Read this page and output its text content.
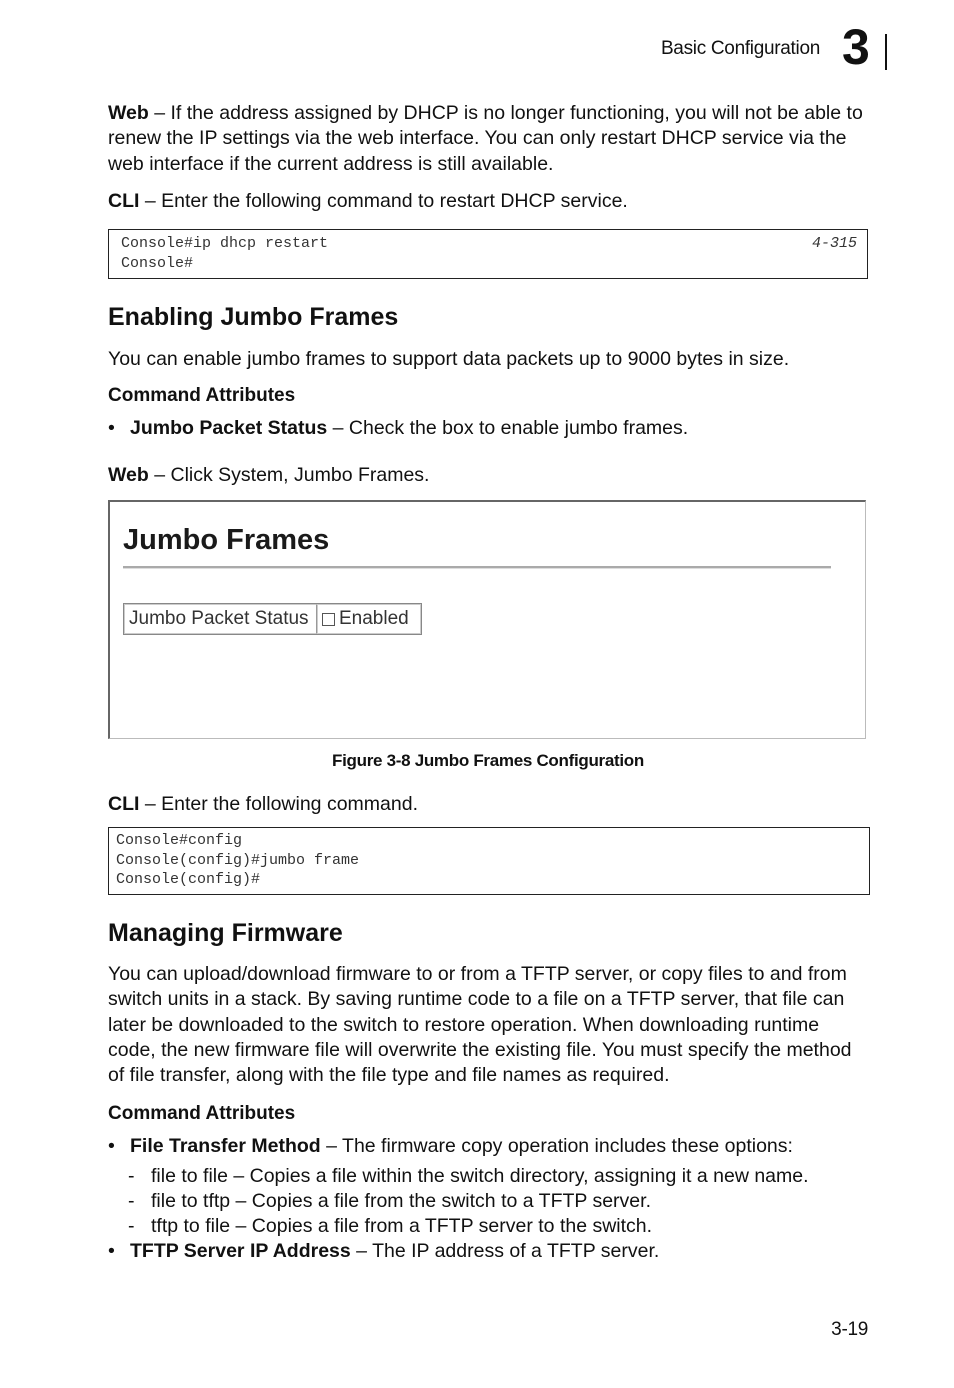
Basic Configuration 3
Web – If the address assigned by DHCP is no longer functioning, you will not be able to renew the IP settings via the web interface. You can only restart DHCP service via the web interface if the current address is still available.
CLI – Enter the following command to restart DHCP service.
Console#ip dhcp restart
Console#
4-315
Enabling Jumbo Frames
You can enable jumbo frames to support data packets up to 9000 bytes in size.
Command Attributes
• Jumbo Packet Status – Check the box to enable jumbo frames.
Web – Click System, Jumbo Frames.
Jumbo Frames
Jumbo Packet Status	Enabled
Figure 3-8 Jumbo Frames Configuration
CLI – Enter the following command.
Console#config
Console(config)#jumbo frame
Console(config)#
Managing Firmware
You can upload/download firmware to or from a TFTP server, or copy files to and from switch units in a stack. By saving runtime code to a file on a TFTP server, that file can later be downloaded to the switch to restore operation. When downloading runtime code, the new firmware file will overwrite the existing file. You must specify the method of file transfer, along with the file type and file names as required.
Command Attributes
• File Transfer Method – The firmware copy operation includes these options:
- file to file – Copies a file within the switch directory, assigning it a new name.
- file to tftp – Copies a file from the switch to a TFTP server.
- tftp to file – Copies a file from a TFTP server to the switch.
• TFTP Server IP Address – The IP address of a TFTP server.
3-19
